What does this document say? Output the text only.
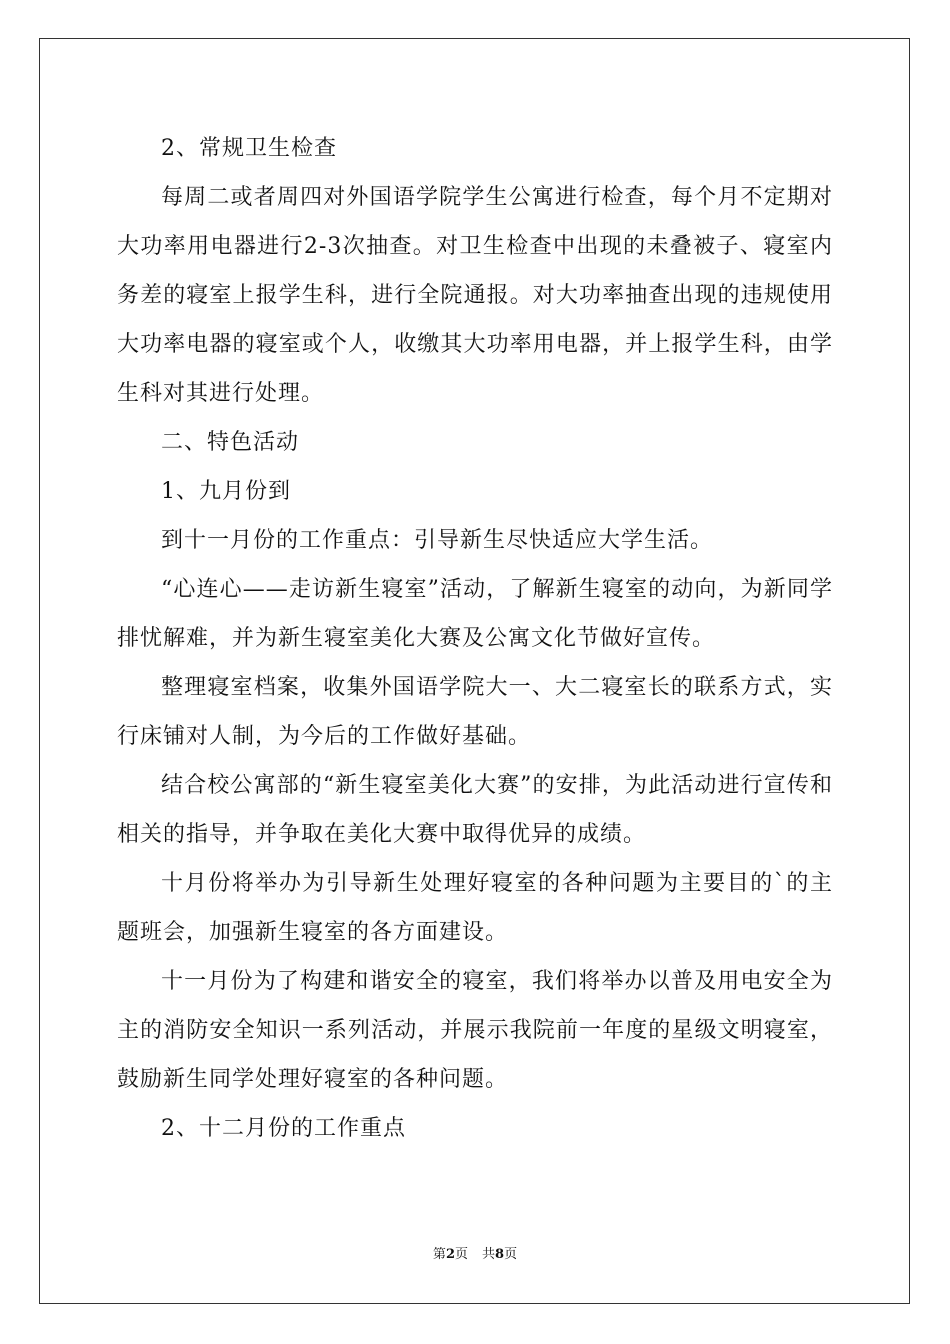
2、常规卫生检查

每周二或者周四对外国语学院学生公寓进行检查，每个月不定期对大功率用电器进行2-3次抽查。对卫生检查中出现的未叠被子、寝室内务差的寝室上报学生科，进行全院通报。对大功率抽查出现的违规使用大功率电器的寝室或个人，收缴其大功率用电器，并上报学生科，由学生科对其进行处理。

二、特色活动

1、九月份到

到十一月份的工作重点：引导新生尽快适应大学生活。

“心连心——走访新生寝室”活动，了解新生寝室的动向，为新同学排忧解难，并为新生寝室美化大赛及公寓文化节做好宣传。

整理寝室档案，收集外国语学院大一、大二寝室长的联系方式，实行床铺对人制，为今后的工作做好基础。

结合校公寓部的“新生寝室美化大赛”的安排，为此活动进行宣传和相关的指导，并争取在美化大赛中取得优异的成绩。

十月份将举办为引导新生处理好寝室的各种问题为主要目的`的主题班会，加强新生寝室的各方面建设。

十一月份为了构建和谐安全的寝室，我们将举办以普及用电安全为主的消防安全知识一系列活动，并展示我院前一年度的星级文明寝室，鼓励新生同学处理好寝室的各种问题。

2、十二月份的工作重点

第2页 共8页
